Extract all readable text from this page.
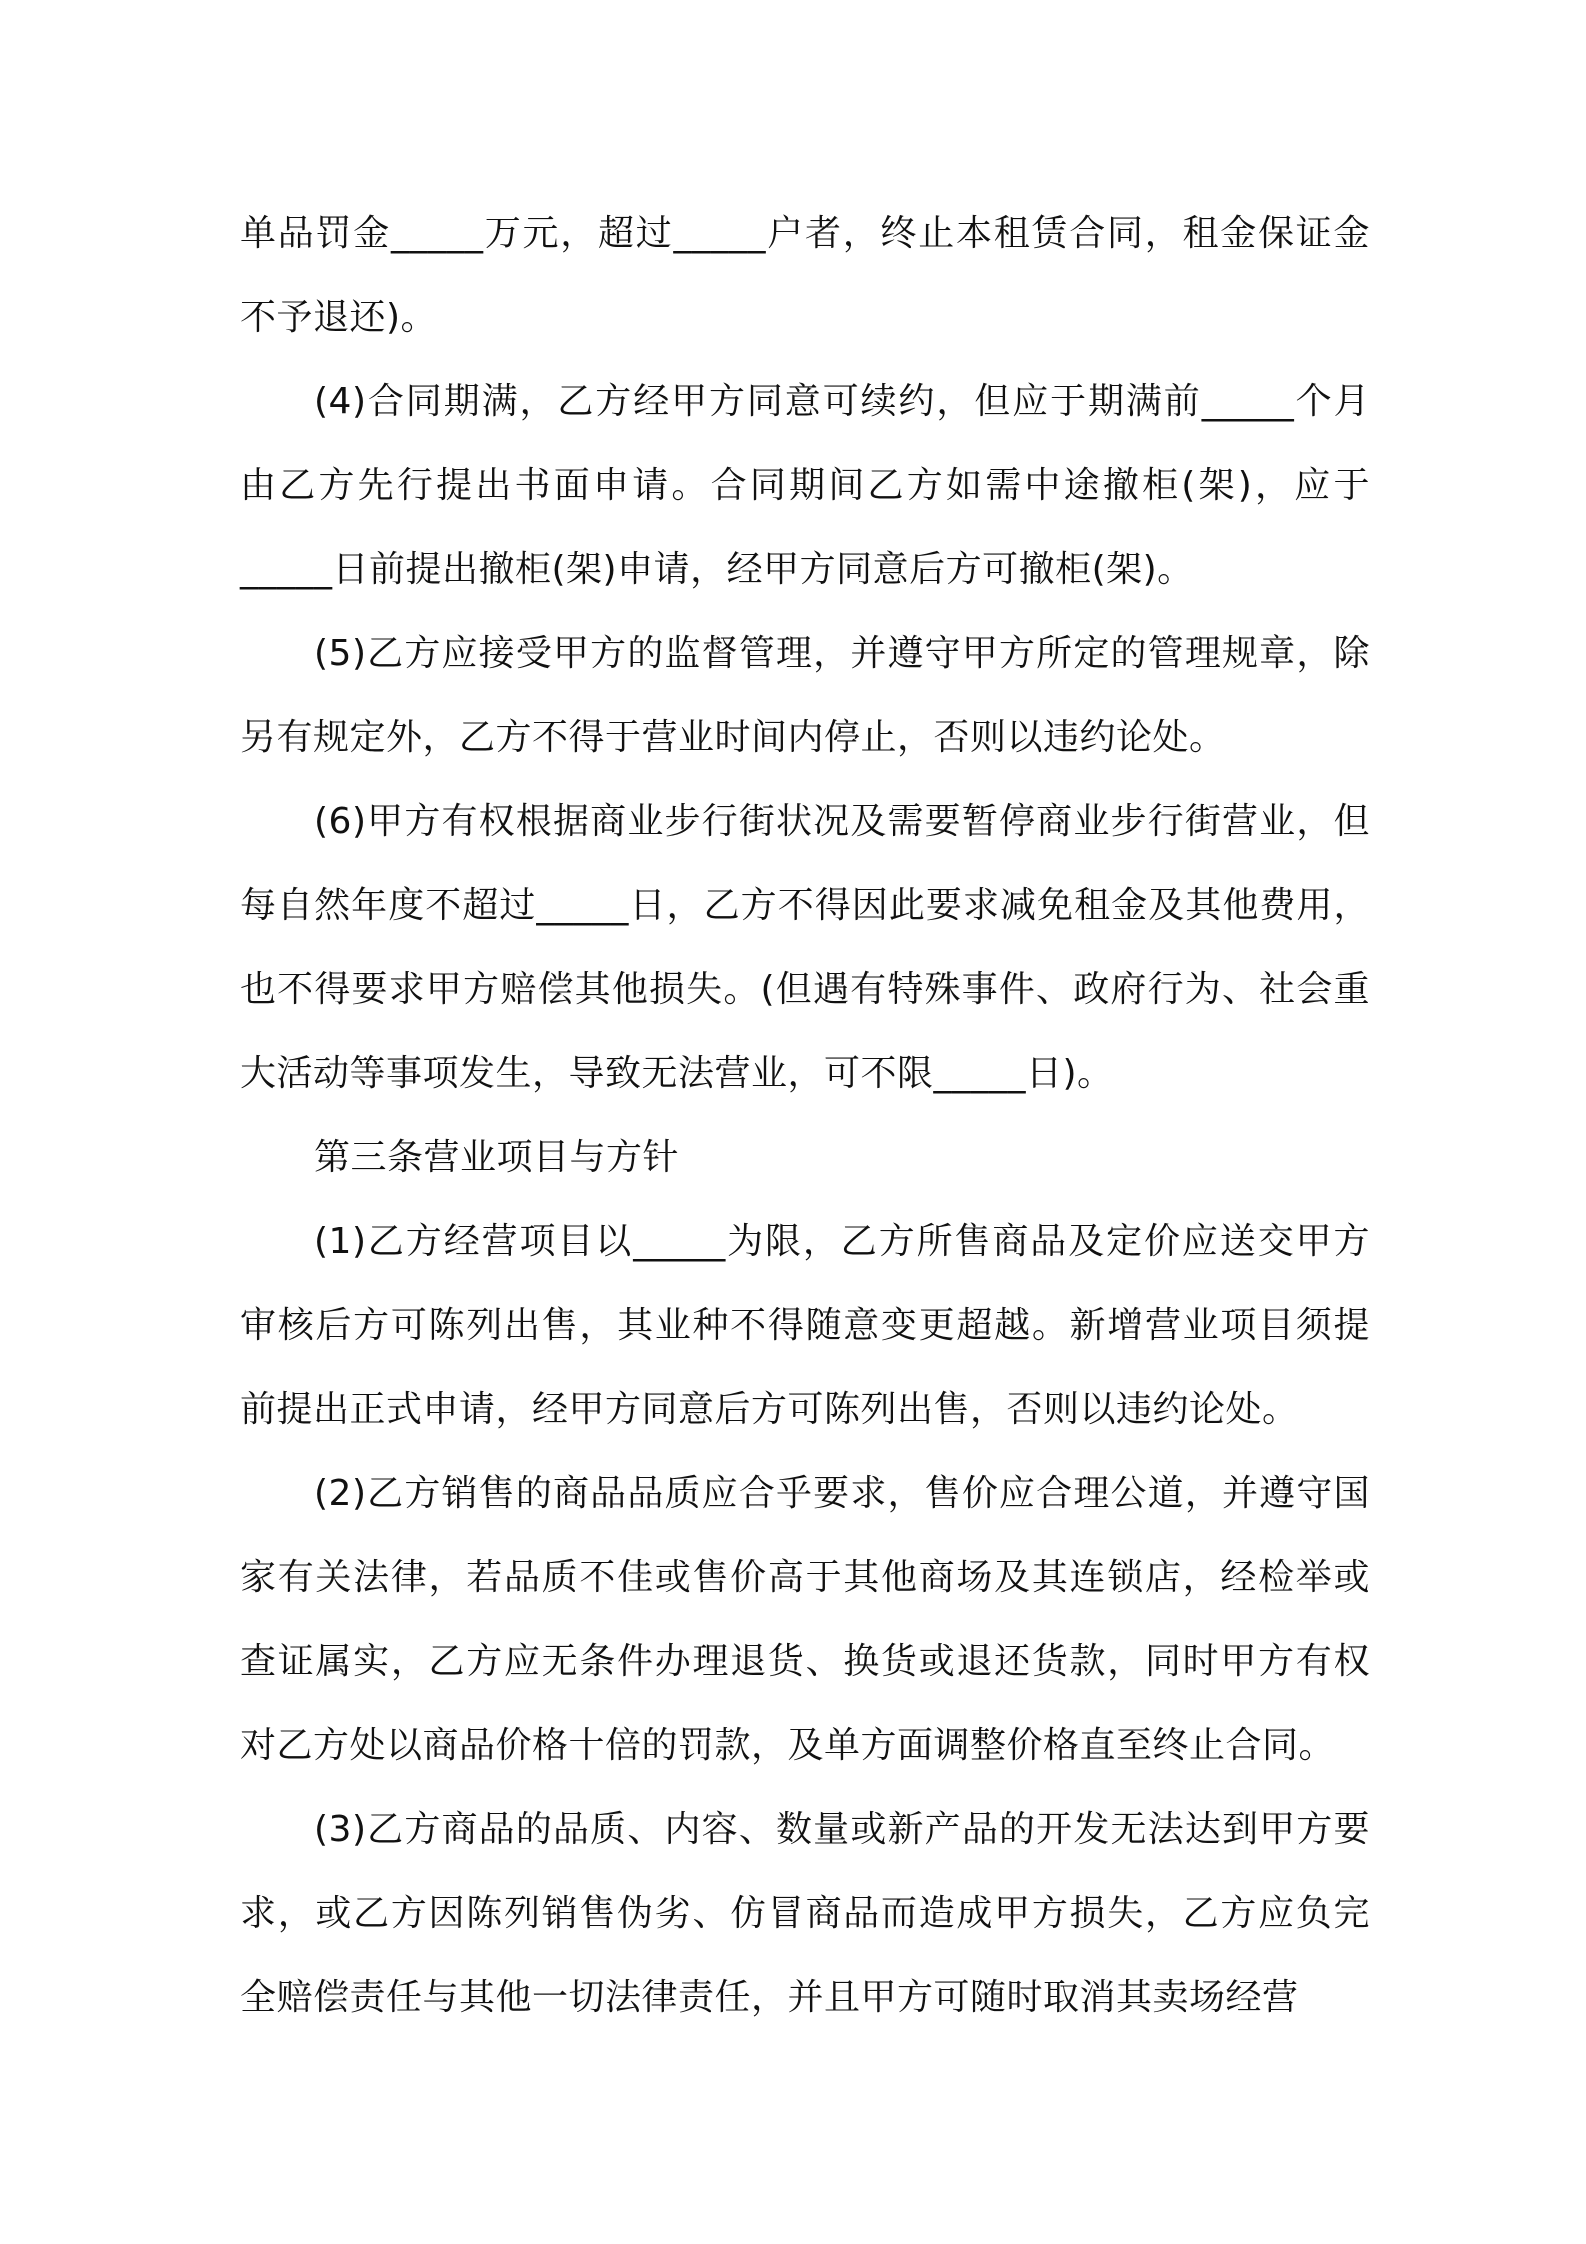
单品罚金_____万元，超过_____户者，终止本租赁合同，租金保证金不予退还)。

(4)合同期满，乙方经甲方同意可续约，但应于期满前_____个月由乙方先行提出书面申请。合同期间乙方如需中途撤柜(架)，应于_____日前提出撤柜(架)申请，经甲方同意后方可撤柜(架)。

(5)乙方应接受甲方的监督管理，并遵守甲方所定的管理规章，除另有规定外，乙方不得于营业时间内停止，否则以违约论处。

(6)甲方有权根据商业步行街状况及需要暂停商业步行街营业，但每自然年度不超过_____日，乙方不得因此要求减免租金及其他费用，也不得要求甲方赔偿其他损失。(但遇有特殊事件、政府行为、社会重大活动等事项发生，导致无法营业，可不限_____日)。

第三条营业项目与方针

(1)乙方经营项目以_____为限，乙方所售商品及定价应送交甲方审核后方可陈列出售，其业种不得随意变更超越。新增营业项目须提前提出正式申请，经甲方同意后方可陈列出售，否则以违约论处。

(2)乙方销售的商品品质应合乎要求，售价应合理公道，并遵守国家有关法律，若品质不佳或售价高于其他商场及其连锁店，经检举或查证属实，乙方应无条件办理退货、换货或退还货款，同时甲方有权对乙方处以商品价格十倍的罚款，及单方面调整价格直至终止合同。

(3)乙方商品的品质、内容、数量或新产品的开发无法达到甲方要求，或乙方因陈列销售伪劣、仿冒商品而造成甲方损失，乙方应负完全赔偿责任与其他一切法律责任，并且甲方可随时取消其卖场经营
